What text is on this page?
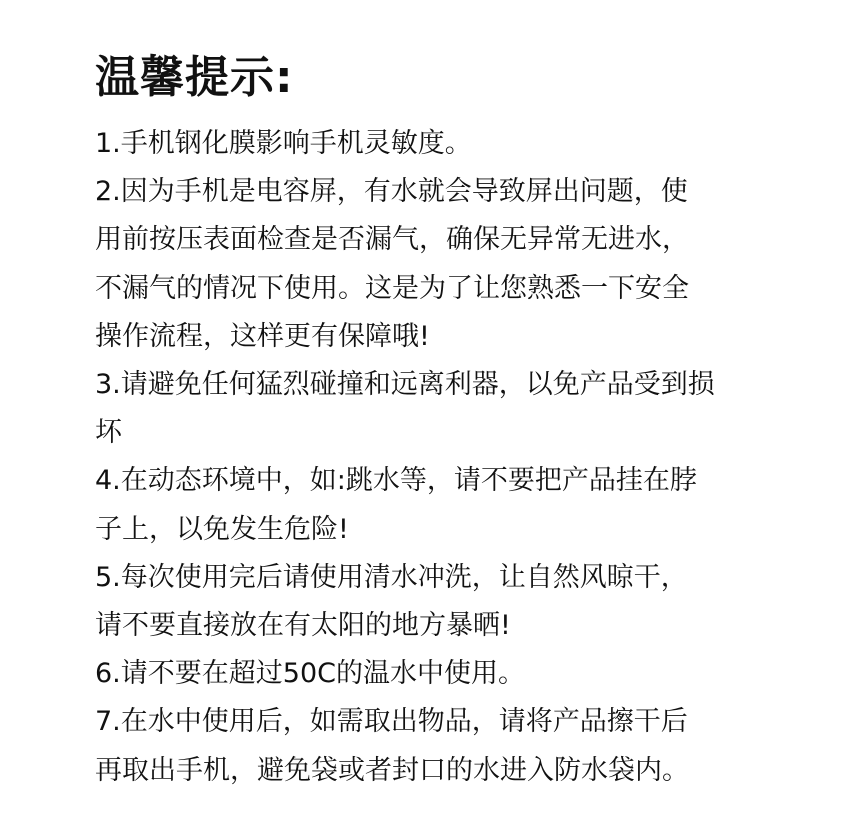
温馨提示:

1.手机钢化膜影响手机灵敏度。

2.因为手机是电容屏，有水就会导致屏出问题，使

用前按压表面检查是否漏气，确保无异常无进水，

不漏气的情况下使用。这是为了让您熟悉一下安全

操作流程，这样更有保障哦!

3.请避免任何猛烈碰撞和远离利器，以免产品受到损

坏

4.在动态环境中，如:跳水等，请不要把产品挂在脖

子上，以免发生危险!

5.每次使用完后请使用清水冲洗，让自然风晾干，

请不要直接放在有太阳的地方暴晒!

6.请不要在超过50C的温水中使用。

7.在水中使用后，如需取出物品，请将产品擦干后

再取出手机，避免袋或者封口的水进入防水袋内。
